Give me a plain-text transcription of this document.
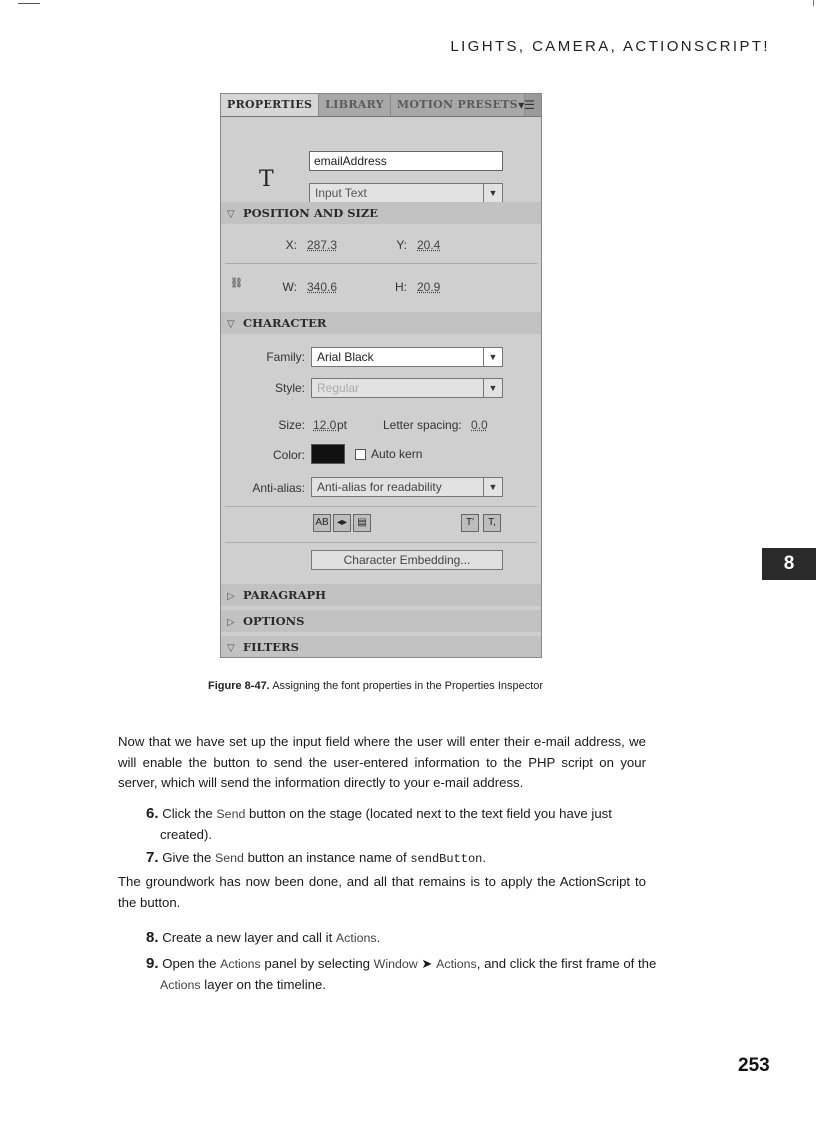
LIGHTS, CAMERA, ACTIONSCRIPT!
8
PROPERTIES	LIBRARY	MOTION PRESETS ▾☰
T
emailAddress
Input Text	▼
▽ POSITION AND SIZE
X: 287.3	Y: 20.4
⛓	W: 340.6	H: 20.9
▽ CHARACTER
Family:	Arial Black	▼
Style:	Regular	▼
Size: 12.0 pt	Letter spacing: 0.0
Color:	Auto kern
Anti-alias:	Anti-alias for readability	▼
AB ◂▸	▤	T'	T,
Character Embedding...
▷ PARAGRAPH
▷ OPTIONS
▽ FILTERS
Figure 8-47. Assigning the font properties in the Properties Inspector
Now that we have set up the input field where the user will enter their e-mail address, we will enable the button to send the user-entered information to the PHP script on your server, which will send the information directly to your e-mail address.
6. Click the Send button on the stage (located next to the text field you have just created).
7. Give the Send button an instance name of sendButton.
The groundwork has now been done, and all that remains is to apply the ActionScript to the button.
8. Create a new layer and call it Actions.
9. Open the Actions panel by selecting Window ➤ Actions, and click the first frame of the Actions layer on the timeline.
253
